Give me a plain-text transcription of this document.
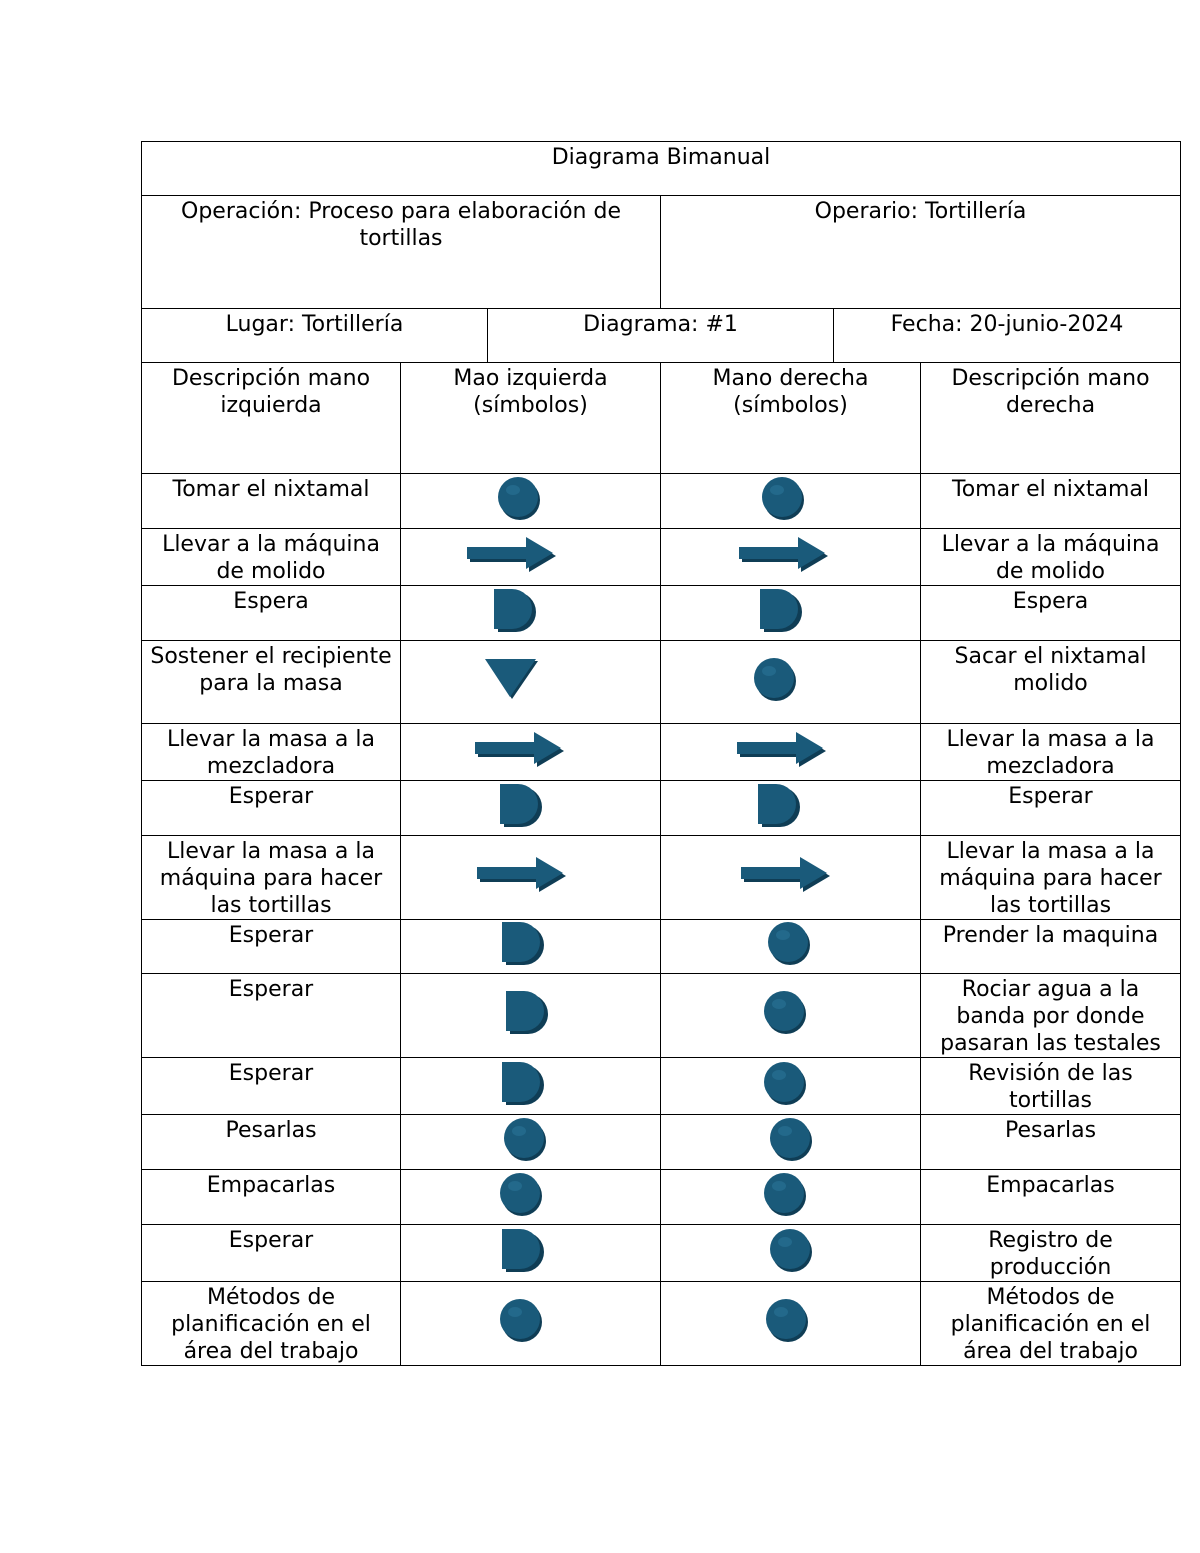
Diagrama Bimanual					
Operación: Proceso para elaboración de tortillas			Operario: Tortillería		
Lugar: Tortillería		Diagrama: #1		Fecha: 20-junio-2024	
Descripción mano izquierda	Mao izquierda (símbolos)		Mano derecha (símbolos)		Descripción mano derecha
Tomar el nixtamal					Tomar el nixtamal
Llevar a la máquina de molido					Llevar a la máquina de molido
Espera					Espera
Sostener el recipiente para la masa					Sacar el nixtamal molido
Llevar la masa a la mezcladora					Llevar la masa a la mezcladora
Esperar					Esperar
Llevar la masa a la máquina para hacer las tortillas					Llevar la masa a la máquina para hacer las tortillas
Esperar					Prender la maquina
Esperar					Rociar agua a la banda por donde pasaran las testales
Esperar					Revisión de las tortillas
Pesarlas					Pesarlas
Empacarlas					Empacarlas
Esperar					Registro de producción
Métodos de planificación en el área del trabajo					Métodos de planificación en el área del trabajo
